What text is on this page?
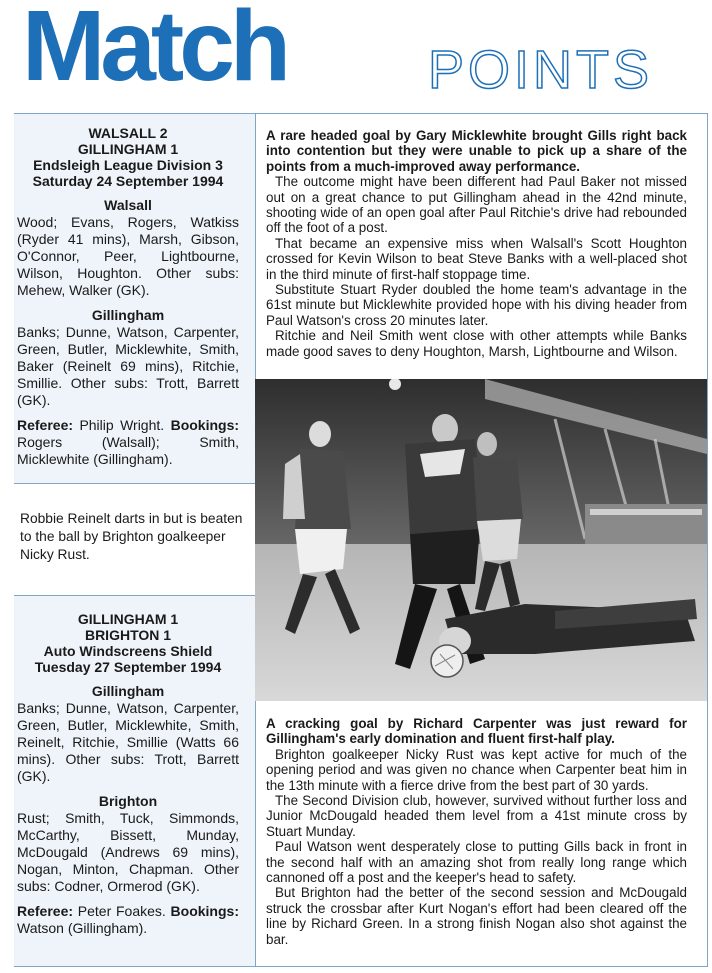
Match	POINTS
WALSALL 2
GILLINGHAM 1
Endsleigh League Division 3
Saturday 24 September 1994
Walsall
Wood; Evans, Rogers, Watkiss (Ryder 41 mins), Marsh, Gibson, O'Connor, Peer, Lightbourne, Wilson, Houghton. Other subs: Mehew, Walker (GK).
Gillingham
Banks; Dunne, Watson, Carpenter, Green, Butler, Micklewhite, Smith, Baker (Reinelt 69 mins), Ritchie, Smillie. Other subs: Trott, Barrett (GK).
Referee: Philip Wright. Bookings: Rogers (Walsall); Smith, Micklewhite (Gillingham).

A rare headed goal by Gary Micklewhite brought Gills right back into contention but they were unable to pick up a share of the points from a much-improved away performance.

The outcome might have been different had Paul Baker not missed out on a great chance to put Gillingham ahead in the 42nd minute, shooting wide of an open goal after Paul Ritchie's drive had rebounded off the foot of a post.

That became an expensive miss when Walsall's Scott Houghton crossed for Kevin Wilson to beat Steve Banks with a well-placed shot in the third minute of first-half stoppage time.

Substitute Stuart Ryder doubled the home team's advantage in the 61st minute but Micklewhite provided hope with his diving header from Paul Watson's cross 20 minutes later.

Ritchie and Neil Smith went close with other attempts while Banks made good saves to deny Houghton, Marsh, Lightbourne and Wilson.

Robbie Reinelt darts in but is beaten to the ball by Brighton goalkeeper Nicky Rust.
GILLINGHAM 1
BRIGHTON 1
Auto Windscreens Shield
Tuesday 27 September 1994
Gillingham
Banks; Dunne, Watson, Carpenter, Green, Butler, Micklewhite, Smith, Reinelt, Ritchie, Smillie (Watts 66 mins). Other subs: Trott, Barrett (GK).
Brighton
Rust; Smith, Tuck, Simmonds, McCarthy, Bissett, Munday, McDougald (Andrews 69 mins), Nogan, Minton, Chapman. Other subs: Codner, Ormerod (GK).
Referee: Peter Foakes. Bookings: Watson (Gillingham).

A cracking goal by Richard Carpenter was just reward for Gillingham's early domination and fluent first-half play.

Brighton goalkeeper Nicky Rust was kept active for much of the opening period and was given no chance when Carpenter beat him in the 13th minute with a fierce drive from the best part of 30 yards.

The Second Division club, however, survived without further loss and Junior McDougald headed them level from a 41st minute cross by Stuart Munday.

Paul Watson went desperately close to putting Gills back in front in the second half with an amazing shot from really long range which cannoned off a post and the keeper's head to safety.

But Brighton had the better of the second session and McDougald struck the crossbar after Kurt Nogan's effort had been cleared off the line by Richard Green. In a strong finish Nogan also shot against the bar.
